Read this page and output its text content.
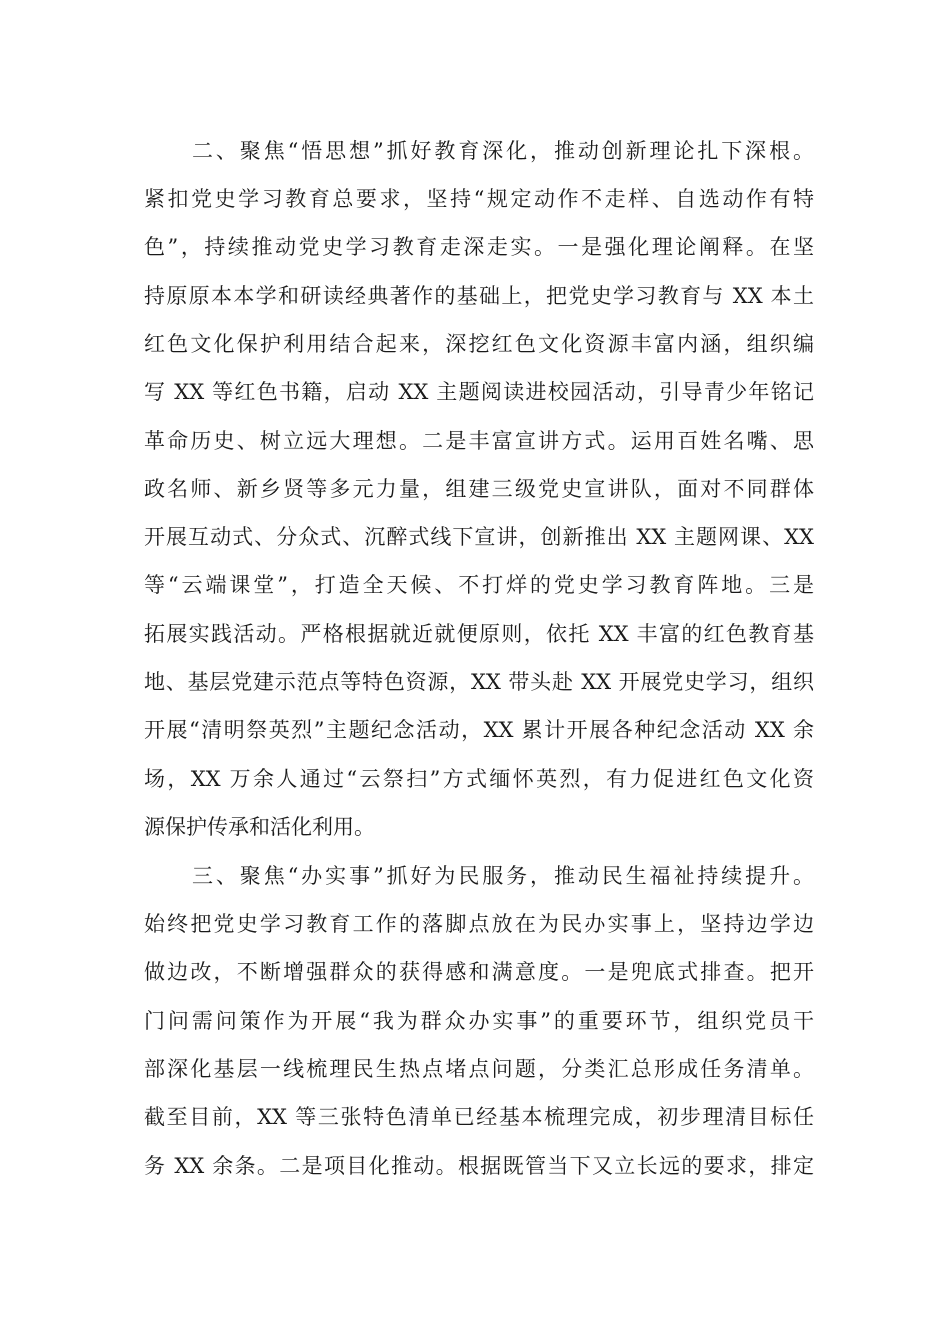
二、聚焦“悟思想”抓好教育深化，推动创新理论扎下深根。
紧扣党史学习教育总要求，坚持“规定动作不走样、自选动作有特
色”，持续推动党史学习教育走深走实。一是强化理论阐释。在坚
持原原本本学和研读经典著作的基础上，把党史学习教育与 XX 本土
红色文化保护利用结合起来，深挖红色文化资源丰富内涵，组织编
写 XX 等红色书籍，启动 XX 主题阅读进校园活动，引导青少年铭记
革命历史、树立远大理想。二是丰富宣讲方式。运用百姓名嘴、思
政名师、新乡贤等多元力量，组建三级党史宣讲队，面对不同群体
开展互动式、分众式、沉醉式线下宣讲，创新推出 XX 主题网课、XX
等“云端课堂”，打造全天候、不打烊的党史学习教育阵地。三是
拓展实践活动。严格根据就近就便原则，依托 XX 丰富的红色教育基
地、基层党建示范点等特色资源，XX 带头赴 XX 开展党史学习，组织
开展“清明祭英烈”主题纪念活动，XX 累计开展各种纪念活动 XX 余
场，XX 万余人通过“云祭扫”方式缅怀英烈，有力促进红色文化资
源保护传承和活化利用。
三、聚焦“办实事”抓好为民服务，推动民生福祉持续提升。
始终把党史学习教育工作的落脚点放在为民办实事上，坚持边学边
做边改，不断增强群众的获得感和满意度。一是兜底式排查。把开
门问需问策作为开展“我为群众办实事”的重要环节，组织党员干
部深化基层一线梳理民生热点堵点问题，分类汇总形成任务清单。
截至目前，XX 等三张特色清单已经基本梳理完成，初步理清目标任
务 XX 余条。二是项目化推动。根据既管当下又立长远的要求，排定
